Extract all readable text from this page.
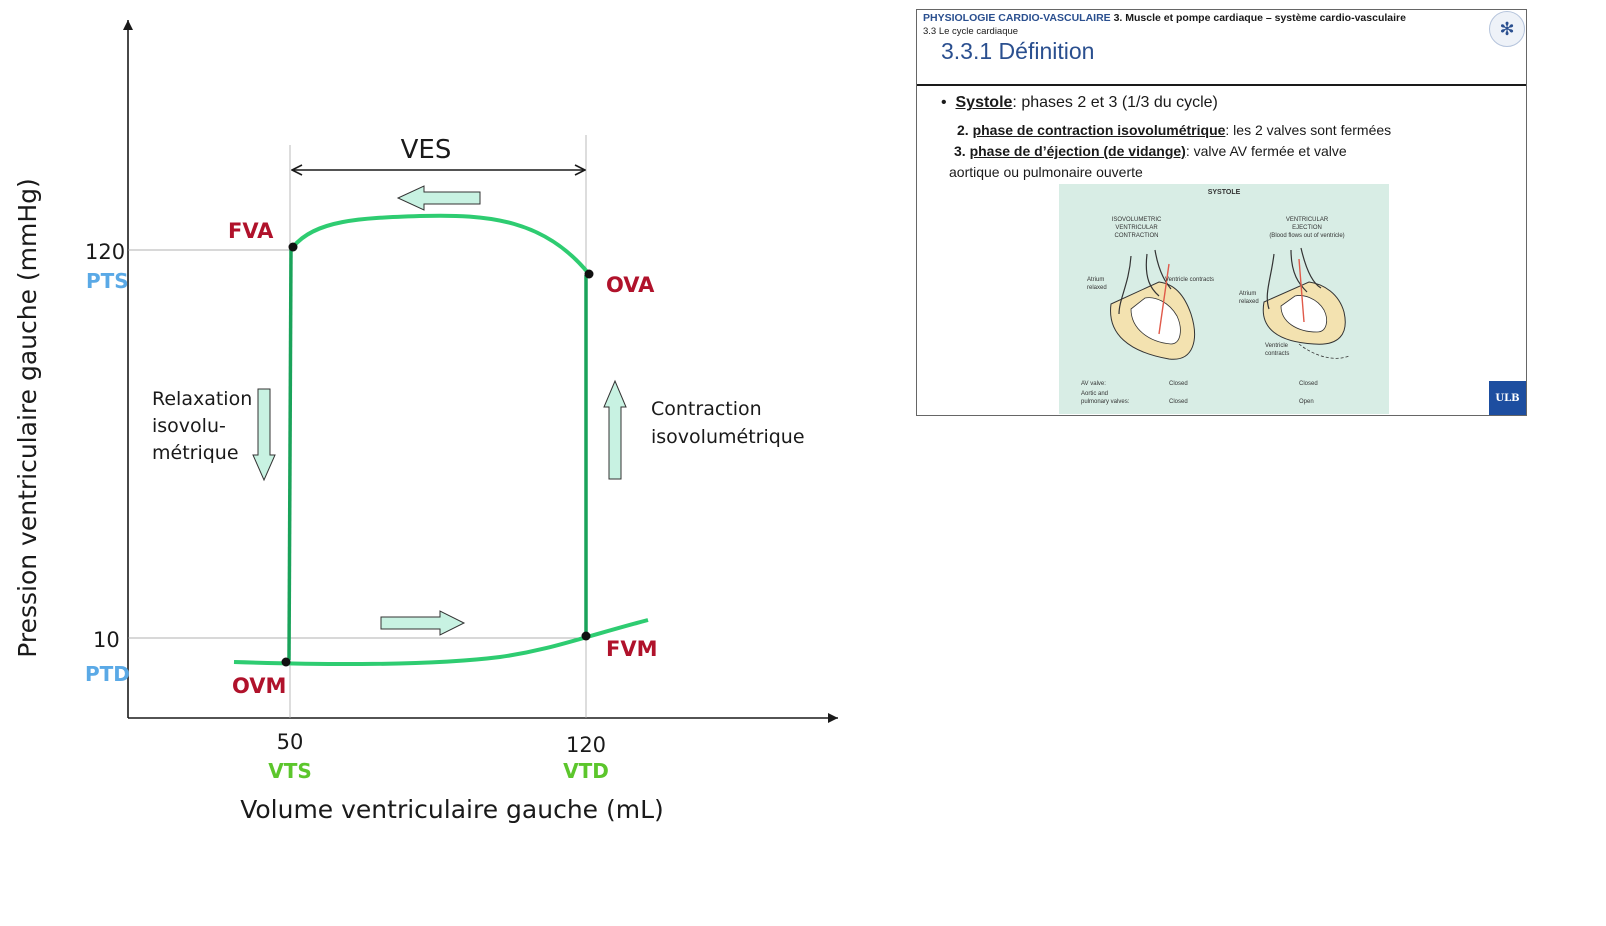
VES
FVA
OVA
FVM
OVM
Relaxation
isovolu-
métrique
Contraction
isovolumétrique
120
PTS
10
PTD
50
VTS
120
VTD
Volume ventriculaire gauche (mL)
Pression ventriculaire gauche (mmHg)
PHYSIOLOGIE CARDIO-VASCULAIRE 3. Muscle et pompe cardiaque – système cardio-vasculaire
3.3 Le cycle cardiaque
3.3.1 Définition
✻
•  Systole: phases 2 et 3 (1/3 du cycle)
2. phase de contraction isovolumétrique: les 2 valves sont fermées
3. phase de d’éjection (de vidange): valve AV fermée et valve
aortique ou pulmonaire ouverte
SYSTOLE
ISOVOLUMETRIC
VENTRICULAR
CONTRACTION
VENTRICULAR
EJECTION
(Blood flows out of ventricle)
Atrium
relaxed
Ventricle contracts
Atrium
relaxed
Ventricle
contracts
AV valve:	Closed	Closed
Aortic and
pulmonary valves:	Closed	Open	ULB
